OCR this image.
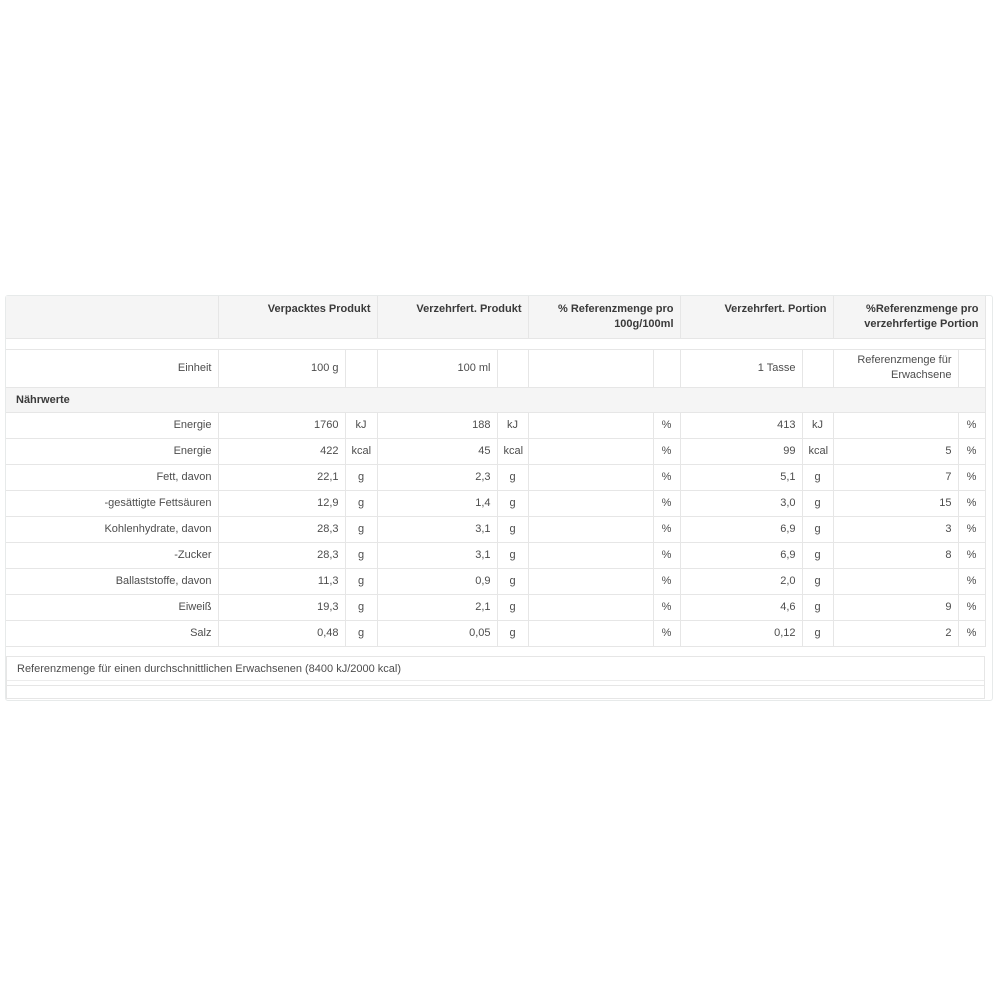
	Verpacktes Produkt		Verzehrfert. Produkt		% Referenzmenge pro 100g/100ml		Verzehrfert. Portion		%Referenzmenge pro verzehrfertige Portion	

Einheit	100 g		100 ml				1 Tasse		Referenzmenge für Erwachsene	
Nährwerte										
Energie	1760	kJ	188	kJ		%	413	kJ		%
Energie	422	kcal	45	kcal		%	99	kcal	5	%
Fett, davon	22,1	g	2,3	g		%	5,1	g	7	%
-gesättigte Fettsäuren	12,9	g	1,4	g		%	3,0	g	15	%
Kohlenhydrate, davon	28,3	g	3,1	g		%	6,9	g	3	%
-Zucker	28,3	g	3,1	g		%	6,9	g	8	%
Ballaststoffe, davon	11,3	g	0,9	g		%	2,0	g		%
Eiweiß	19,3	g	2,1	g		%	4,6	g	9	%
Salz	0,48	g	0,05	g		%	0,12	g	2	%
Referenzmenge für einen durchschnittlichen Erwachsenen (8400 kJ/2000 kcal)
